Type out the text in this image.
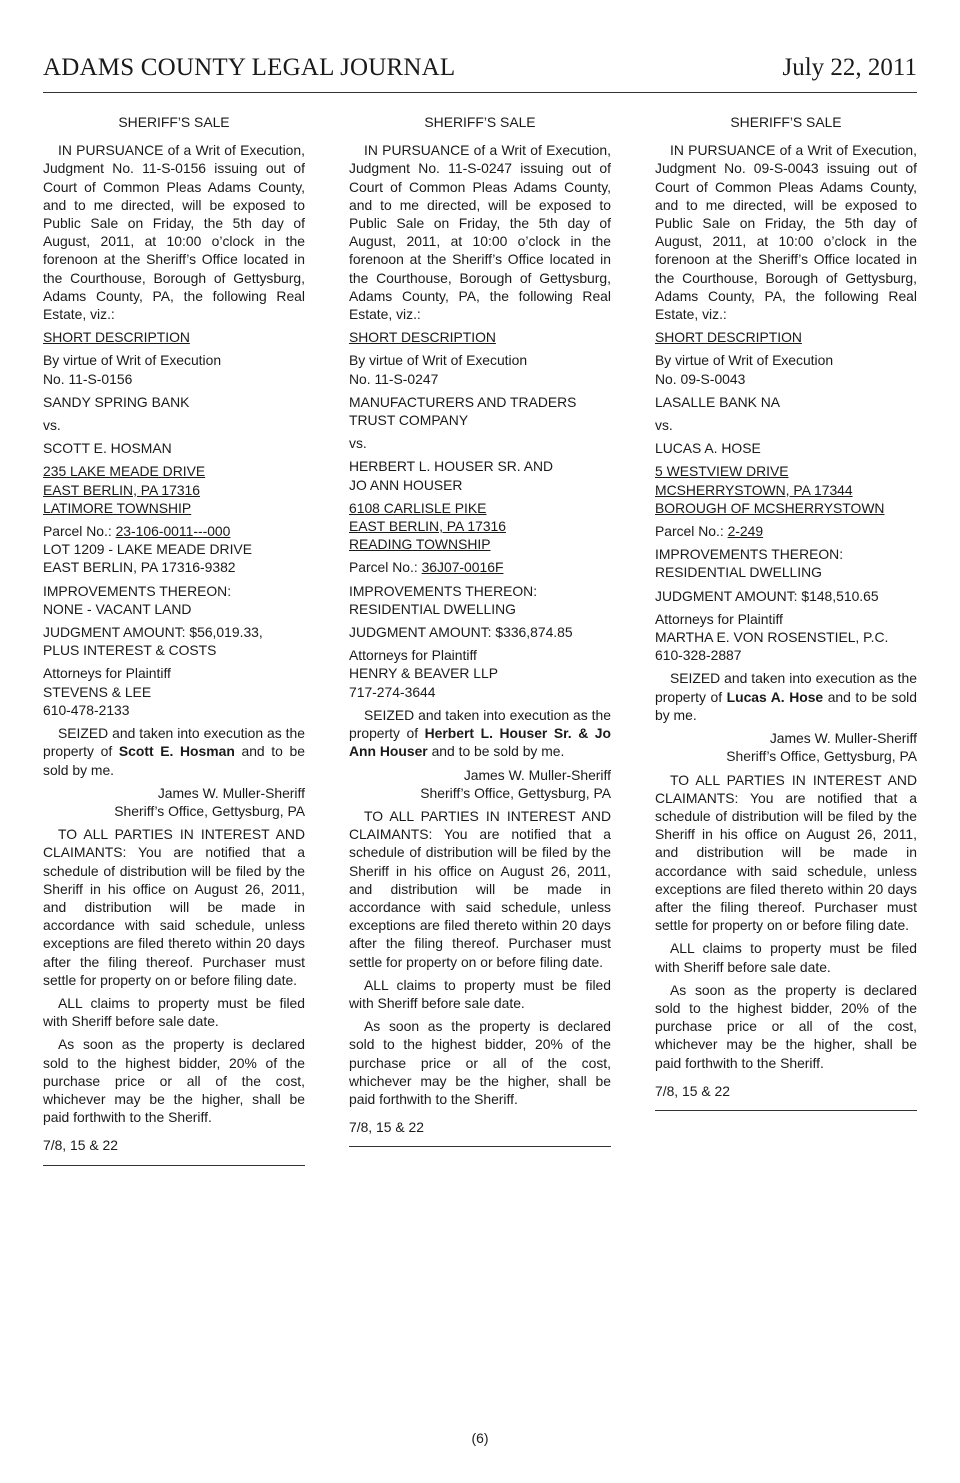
ADAMS COUNTY LEGAL JOURNAL	July 22, 2011

SHERIFF’S SALE

IN PURSUANCE of a Writ of Execution, Judgment No. 11-S-0156 issuing out of Court of Common Pleas Adams County, and to me directed, will be exposed to Public Sale on Friday, the 5th day of August, 2011, at 10:00 o’clock in the forenoon at the Sheriff’s Office located in the Courthouse, Borough of Gettysburg, Adams County, PA, the following Real Estate, viz.:

SHORT DESCRIPTION

By virtue of Writ of Execution
No. 11-S-0156

SANDY SPRING BANK

vs.

SCOTT E. HOSMAN

235 LAKE MEADE DRIVE
EAST BERLIN, PA 17316
LATIMORE TOWNSHIP

Parcel No.: 23-106-0011---000
LOT 1209 - LAKE MEADE DRIVE
EAST BERLIN, PA 17316-9382

IMPROVEMENTS THEREON:
NONE - VACANT LAND

JUDGMENT AMOUNT: $56,019.33,
PLUS INTEREST & COSTS

Attorneys for Plaintiff
STEVENS & LEE
610-478-2133

SEIZED and taken into execution as the property of Scott E. Hosman and to be sold by me.

James W. Muller-Sheriff

Sheriff’s Office, Gettysburg, PA

TO ALL PARTIES IN INTEREST AND CLAIMANTS: You are notified that a schedule of distribution will be filed by the Sheriff in his office on August 26, 2011, and distribution will be made in accordance with said schedule, unless exceptions are filed thereto within 20 days after the filing thereof. Purchaser must settle for property on or before filing date.

ALL claims to property must be filed with Sheriff before sale date.

As soon as the property is declared sold to the highest bidder, 20% of the purchase price or all of the cost, whichever may be the higher, shall be paid forthwith to the Sheriff.

7/8, 15 & 22

SHERIFF’S SALE

IN PURSUANCE of a Writ of Execution, Judgment No. 11-S-0247 issuing out of Court of Common Pleas Adams County, and to me directed, will be exposed to Public Sale on Friday, the 5th day of August, 2011, at 10:00 o’clock in the forenoon at the Sheriff’s Office located in the Courthouse, Borough of Gettysburg, Adams County, PA, the following Real Estate, viz.:

SHORT DESCRIPTION

By virtue of Writ of Execution
No. 11-S-0247

MANUFACTURERS AND TRADERS
TRUST COMPANY

vs.

HERBERT L. HOUSER SR. AND
JO ANN HOUSER

6108 CARLISLE PIKE
EAST BERLIN, PA 17316
READING TOWNSHIP

Parcel No.: 36J07-0016F

IMPROVEMENTS THEREON:
RESIDENTIAL DWELLING

JUDGMENT AMOUNT: $336,874.85

Attorneys for Plaintiff
HENRY & BEAVER LLP
717-274-3644

SEIZED and taken into execution as the property of Herbert L. Houser Sr. & Jo Ann Houser and to be sold by me.

James W. Muller-Sheriff

Sheriff’s Office, Gettysburg, PA

TO ALL PARTIES IN INTEREST AND CLAIMANTS: You are notified that a schedule of distribution will be filed by the Sheriff in his office on August 26, 2011, and distribution will be made in accordance with said schedule, unless exceptions are filed thereto within 20 days after the filing thereof. Purchaser must settle for property on or before filing date.

ALL claims to property must be filed with Sheriff before sale date.

As soon as the property is declared sold to the highest bidder, 20% of the purchase price or all of the cost, whichever may be the higher, shall be paid forthwith to the Sheriff.

7/8, 15 & 22

SHERIFF’S SALE

IN PURSUANCE of a Writ of Execution, Judgment No. 09-S-0043 issuing out of Court of Common Pleas Adams County, and to me directed, will be exposed to Public Sale on Friday, the 5th day of August, 2011, at 10:00 o’clock in the forenoon at the Sheriff’s Office located in the Courthouse, Borough of Gettysburg, Adams County, PA, the following Real Estate, viz.:

SHORT DESCRIPTION

By virtue of Writ of Execution
No. 09-S-0043

LASALLE BANK NA

vs.

LUCAS A. HOSE

5 WESTVIEW DRIVE
MCSHERRYSTOWN, PA 17344
BOROUGH OF MCSHERRYSTOWN

Parcel No.: 2-249

IMPROVEMENTS THEREON:
RESIDENTIAL DWELLING

JUDGMENT AMOUNT: $148,510.65

Attorneys for Plaintiff
MARTHA E. VON ROSENSTIEL, P.C.
610-328-2887

SEIZED and taken into execution as the property of Lucas A. Hose and to be sold by me.

James W. Muller-Sheriff

Sheriff’s Office, Gettysburg, PA

TO ALL PARTIES IN INTEREST AND CLAIMANTS: You are notified that a schedule of distribution will be filed by the Sheriff in his office on August 26, 2011, and distribution will be made in accordance with said schedule, unless exceptions are filed thereto within 20 days after the filing thereof. Purchaser must settle for property on or before filing date.

ALL claims to property must be filed with Sheriff before sale date.

As soon as the property is declared sold to the highest bidder, 20% of the purchase price or all of the cost, whichever may be the higher, shall be paid forthwith to the Sheriff.

7/8, 15 & 22

(6)
